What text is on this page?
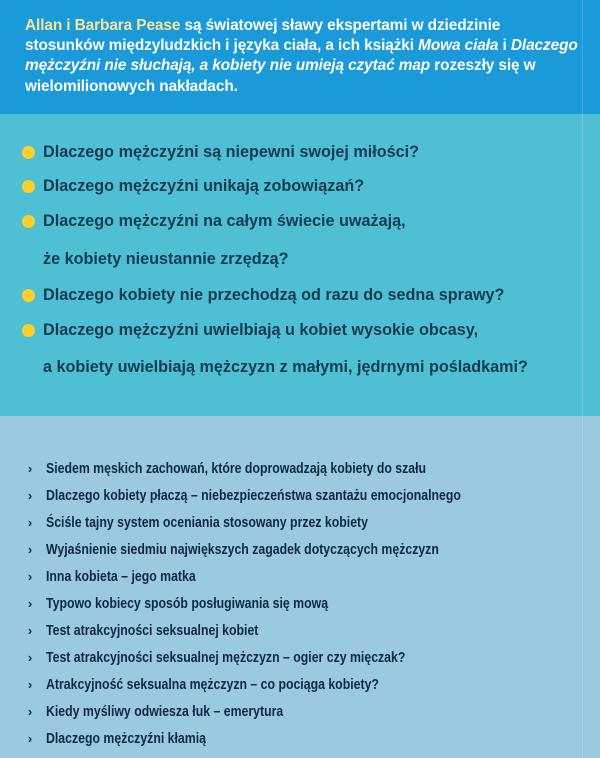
Allan i Barbara Pease są światowej sławy ekspertami w dziedzinie stosunków międzyludzkich i języka ciała, a ich książki Mowa ciała i Dlaczego mężczyźni nie słuchają, a kobiety nie umieją czytać map rozeszły się w wielomilionowych nakładach.

Dlaczego mężczyźni są niepewni swojej miłości?
Dlaczego mężczyźni unikają zobowiązań?
Dlaczego mężczyźni na całym świecie uważają,
że kobiety nieustannie zrzędzą?
Dlaczego kobiety nie przechodzą od razu do sedna sprawy?
Dlaczego mężczyźni uwielbiają u kobiet wysokie obcasy,
a kobiety uwielbiają mężczyzn z małymi, jędrnymi pośladkami?
› Siedem męskich zachowań, które doprowadzają kobiety do szału
› Dlaczego kobiety płaczą – niebezpieczeństwa szantażu emocjonalnego
› Ściśle tajny system oceniania stosowany przez kobiety
› Wyjaśnienie siedmiu największych zagadek dotyczących mężczyzn
› Inna kobieta – jego matka
› Typowo kobiecy sposób posługiwania się mową
› Test atrakcyjności seksualnej kobiet
› Test atrakcyjności seksualnej mężczyzn – ogier czy mięczak?
› Atrakcyjność seksualna mężczyzn – co pociąga kobiety?
› Kiedy myśliwy odwiesza łuk – emerytura
› Dlaczego mężczyźni kłamią
